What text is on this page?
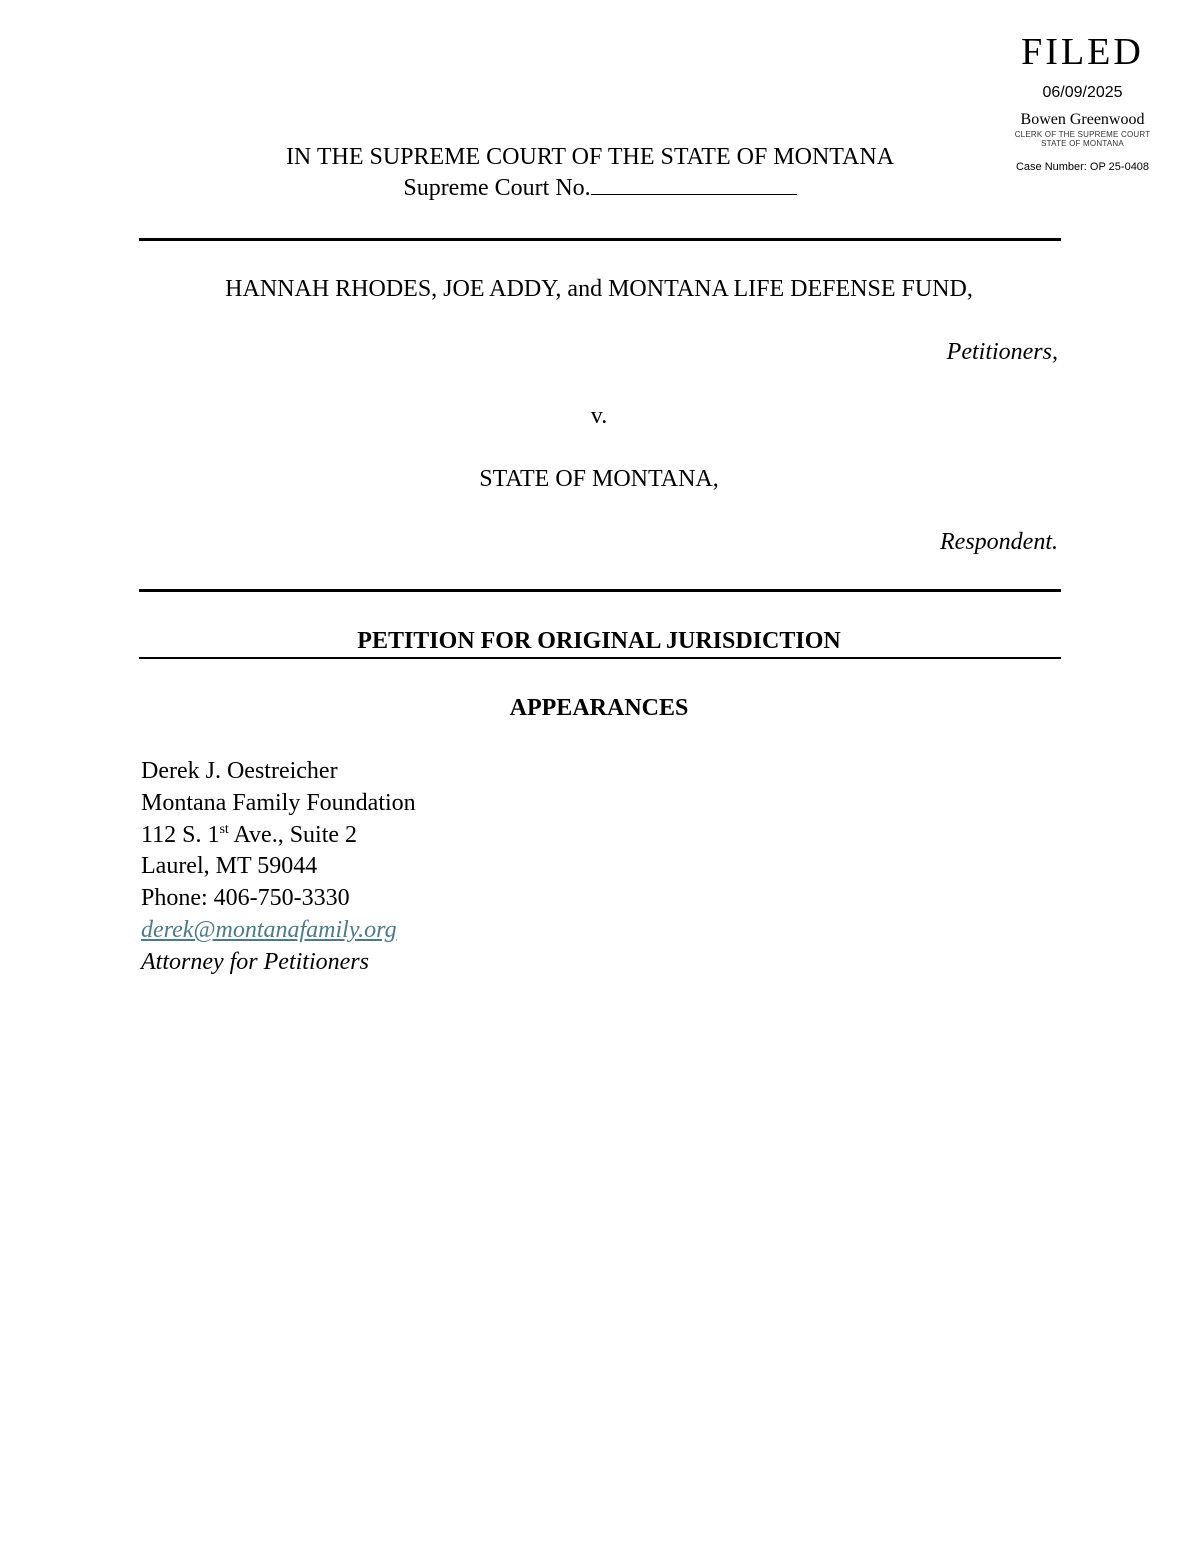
FILED
06/09/2025
Bowen Greenwood
CLERK OF THE SUPREME COURT
STATE OF MONTANA
Case Number: OP 25-0408
IN THE SUPREME COURT OF THE STATE OF MONTANA
Supreme Court No.
HANNAH RHODES, JOE ADDY, and MONTANA LIFE DEFENSE FUND,
Petitioners,
v.
STATE OF MONTANA,
Respondent.
PETITION FOR ORIGINAL JURISDICTION
APPEARANCES
Derek J. Oestreicher
Montana Family Foundation
112 S. 1st Ave., Suite 2
Laurel, MT 59044
Phone: 406-750-3330
derek@montanafamily.org
Attorney for Petitioners
